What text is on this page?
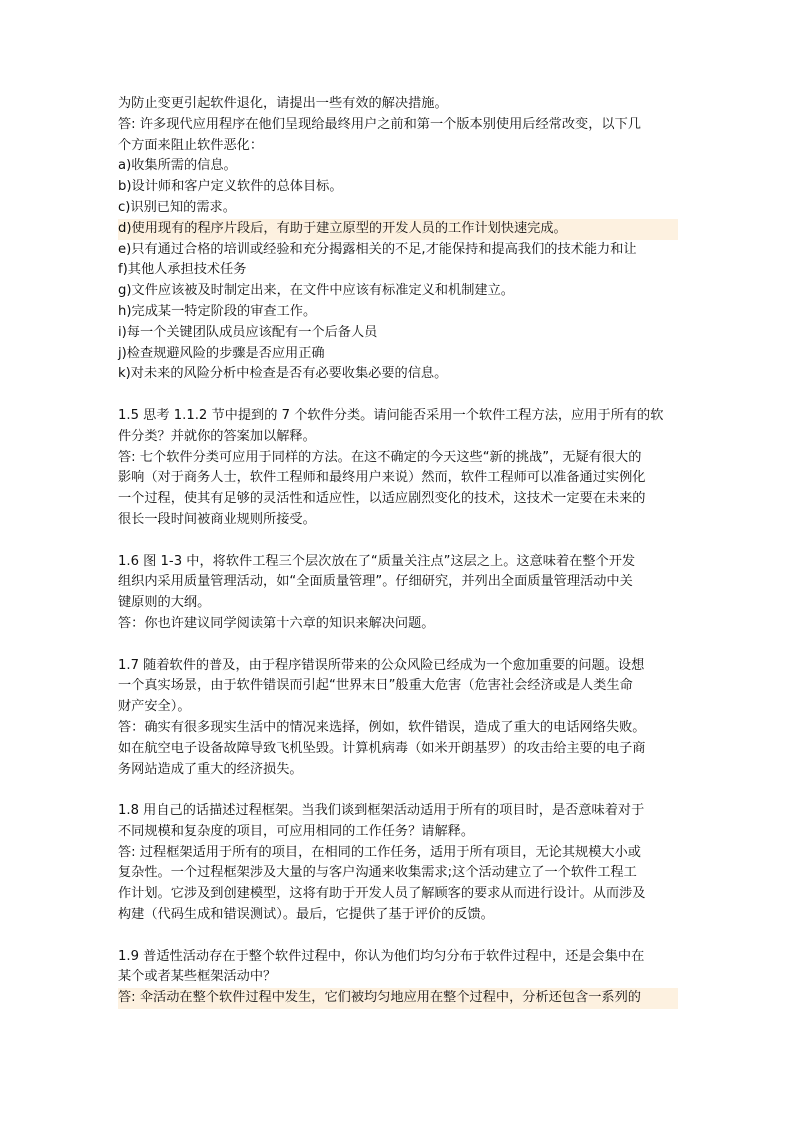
为防止变更引起软件退化，请提出一些有效的解决措施。
答: 许多现代应用程序在他们呈现给最终用户之前和第一个版本别使用后经常改变，以下几
个方面来阻止软件恶化：
a)收集所需的信息。
b)设计师和客户定义软件的总体目标。
c)识别已知的需求。
d)使用现有的程序片段后，有助于建立原型的开发人员的工作计划快速完成。
e)只有通过合格的培训或经验和充分揭露相关的不足,才能保持和提高我们的技术能力和让
f)其他人承担技术任务
g)文件应该被及时制定出来，在文件中应该有标准定义和机制建立。
h)完成某一特定阶段的审查工作。
i)每一个关键团队成员应该配有一个后备人员
j)检查规避风险的步骤是否应用正确
k)对未来的风险分析中检查是否有必要收集必要的信息。
1.5 思考 1.1.2 节中提到的 7 个软件分类。请问能否采用一个软件工程方法，应用于所有的软
件分类？并就你的答案加以解释。
答: 七个软件分类可应用于同样的方法。在这不确定的今天这些“新的挑战”，无疑有很大的
影响（对于商务人士，软件工程师和最终用户来说）然而，软件工程师可以准备通过实例化
一个过程，使其有足够的灵活性和适应性，以适应剧烈变化的技术，这技术一定要在未来的
很长一段时间被商业规则所接受。
1.6 图 1-3 中，将软件工程三个层次放在了“质量关注点”这层之上。这意味着在整个开发
组织内采用质量管理活动，如“全面质量管理”。仔细研究，并列出全面质量管理活动中关
键原则的大纲。
答：你也许建议同学阅读第十六章的知识来解决问题。
1.7 随着软件的普及，由于程序错误所带来的公众风险已经成为一个愈加重要的问题。设想
一个真实场景，由于软件错误而引起“世界末日”般重大危害（危害社会经济或是人类生命
财产安全）。
答：确实有很多现实生活中的情况来选择，例如，软件错误，造成了重大的电话网络失败。
如在航空电子设备故障导致飞机坠毁。计算机病毒（如米开朗基罗）的攻击给主要的电子商
务网站造成了重大的经济损失。
1.8 用自己的话描述过程框架。当我们谈到框架活动适用于所有的项目时，是否意味着对于
不同规模和复杂度的项目，可应用相同的工作任务？请解释。
答: 过程框架适用于所有的项目，在相同的工作任务，适用于所有项目，无论其规模大小或
复杂性。一个过程框架涉及大量的与客户沟通来收集需求;这个活动建立了一个软件工程工
作计划。它涉及到创建模型，这将有助于开发人员了解顾客的要求从而进行设计。从而涉及
构建（代码生成和错误测试）。最后，它提供了基于评价的反馈。
1.9 普适性活动存在于整个软件过程中，你认为他们均匀分布于软件过程中，还是会集中在
某个或者某些框架活动中？
答: 伞活动在整个软件过程中发生，它们被均匀地应用在整个过程中，分析还包含一系列的
